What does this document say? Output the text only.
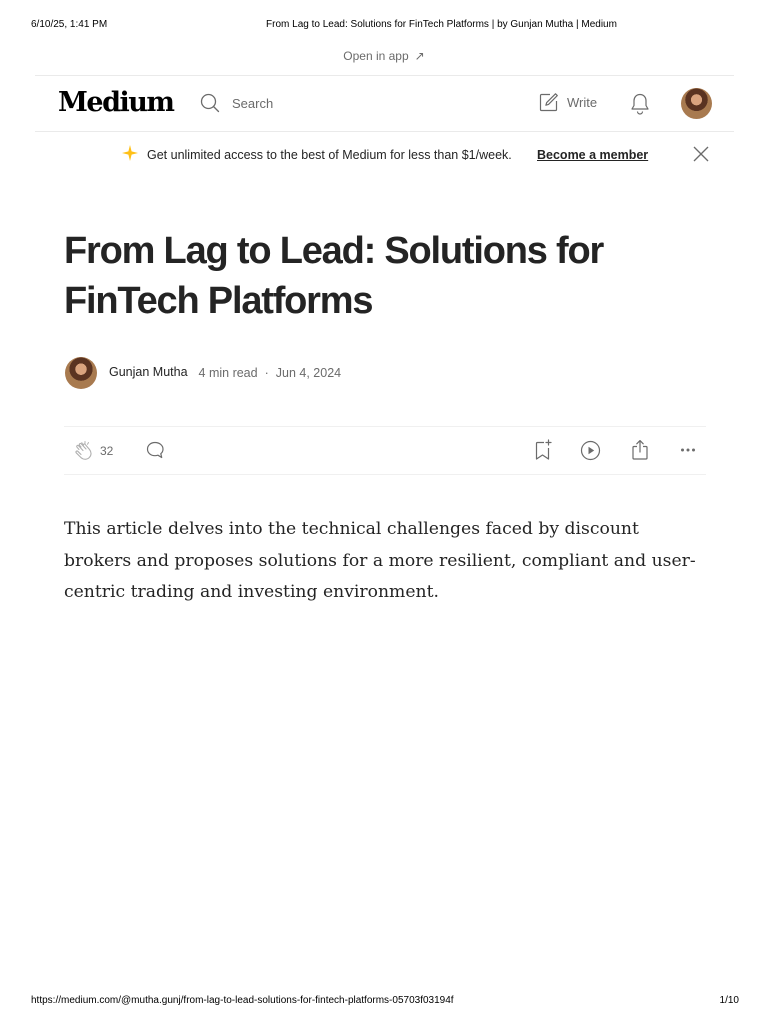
6/10/25, 1:41 PM	From Lag to Lead: Solutions for FinTech Platforms | by Gunjan Mutha | Medium
Open in app ↗
Medium	Search	Write
Get unlimited access to the best of Medium for less than $1/week. Become a member
From Lag to Lead: Solutions for FinTech Platforms
Gunjan Mutha 4 min read · Jun 4, 2024
32

This article delves into the technical challenges faced by discount brokers and proposes solutions for a more resilient, compliant and user-centric trading and investing environment.

https://medium.com/@mutha.gunj/from-lag-to-lead-solutions-for-fintech-platforms-05703f03194f	1/10
